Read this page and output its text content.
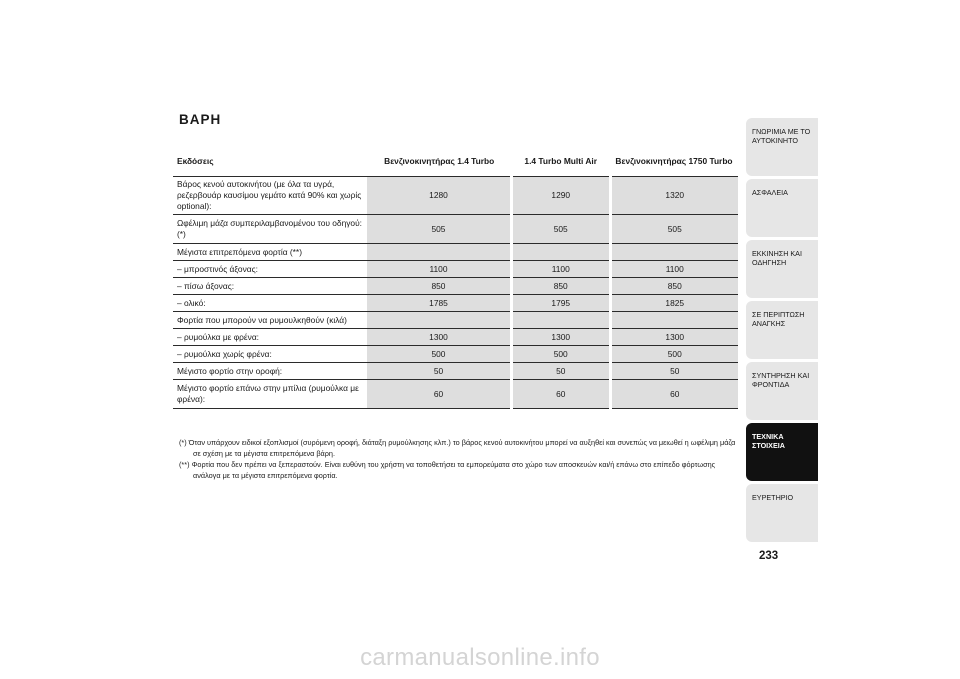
ΒΑΡΗ
Εκδόσεις	Βενζινοκινητήρας 1.4 Turbo	1.4 Turbo Multi Air	Βενζινοκινητήρας 1750 Turbo
Βάρος κενού αυτοκινήτου (με όλα τα υγρά, ρεζερβουάρ καυσίμου γεμάτο κατά 90% και χωρίς optional):	1280	1290	1320
Ωφέλιμη μάζα συμπεριλαμβανομένου του οδηγού: (*)	505	505	505
Μέγιστα επιτρεπόμενα φορτία (**)			
– μπροστινός άξονας:	1100	1100	1100
– πίσω άξονας:	850	850	850
– ολικό:	1785	1795	1825
Φορτία που μπορούν να ρυμουλκηθούν (κιλά)			
– ρυμούλκα με φρένα:	1300	1300	1300
– ρυμούλκα χωρίς φρένα:	500	500	500
Μέγιστο φορτίο στην οροφή:	50	50	50
Μέγιστο φορτίο επάνω στην μπίλια (ρυμούλκα με φρένα):	60	60	60

(*) Όταν υπάρχουν ειδικοί εξοπλισμοί (συρόμενη οροφή, διάταξη ρυμούλκησης κλπ.) το βάρος κενού αυτοκινήτου μπορεί να αυξηθεί και συνεπώς να μειωθεί η ωφέλιμη μάζα σε σχέση με τα μέγιστα επιτρεπόμενα βάρη.

(**) Φορτία που δεν πρέπει να ξεπεραστούν. Είναι ευθύνη του χρήστη να τοποθετήσει τα εμπορεύματα στο χώρο των αποσκευών και/ή επάνω στο επίπεδο φόρτωσης ανάλογα με τα μέγιστα επιτρεπόμενα φορτία.

ΓΝΩΡΙΜΙΑ ΜΕ ΤΟ
ΑΥΤΟΚΙΝΗΤΟ
ΑΣΦΑΛΕΙΑ
ΕΚΚΙΝΗΣΗ ΚΑΙ
ΟΔΗΓΗΣΗ
ΣΕ ΠΕΡΙΠΤΩΣΗ
ΑΝΑΓΚΗΣ
ΣΥΝΤΗΡΗΣΗ ΚΑΙ
ΦΡΟΝΤΙΔΑ
ΤΕΧΝΙΚΑ
ΣΤΟΙΧΕΙΑ
ΕΥΡΕΤΗΡΙΟ
233
carmanualsonline.info
